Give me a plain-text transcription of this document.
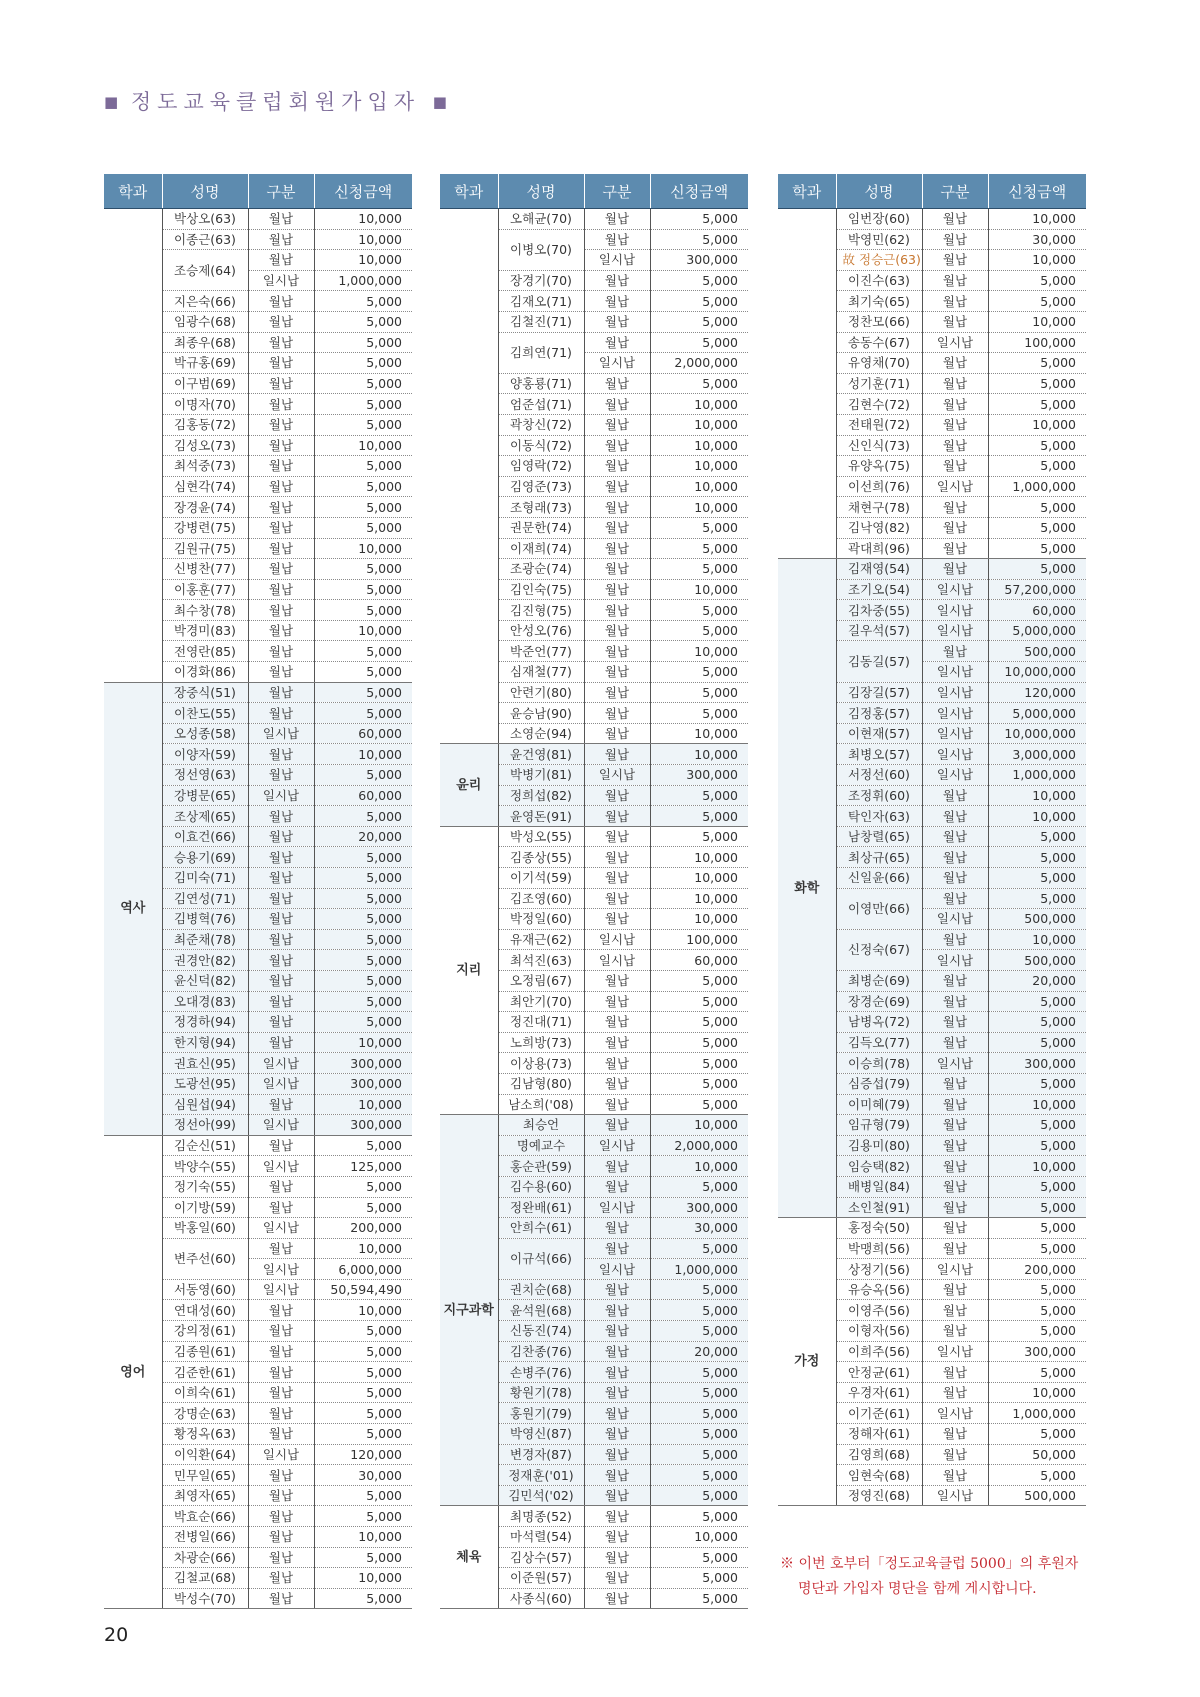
■ 정도교육클럽회원가입자 ■
학과	성명	구분	신청금액
	박상오(63)	월납	10,000
	이종근(63)	월납	10,000
	조승제(64)	월납	10,000
		일시납	1,000,000
	지은숙(66)	월납	5,000
	임광수(68)	월납	5,000
	최종우(68)	월납	5,000
	박규홍(69)	월납	5,000
	이구범(69)	월납	5,000
	이명자(70)	월납	5,000
	김홍동(72)	월납	5,000
	김성오(73)	월납	10,000
	최석중(73)	월납	5,000
	심현각(74)	월납	5,000
	장경윤(74)	월납	5,000
	강병련(75)	월납	5,000
	김원규(75)	월납	10,000
	신병찬(77)	월납	5,000
	이홍훈(77)	월납	5,000
	최수창(78)	월납	5,000
	박경미(83)	월납	10,000
	전영란(85)	월납	5,000
	이경화(86)	월납	5,000
역사	장중식(51)	월납	5,000
	이찬도(55)	월납	5,000
	오성종(58)	일시납	60,000
	이양자(59)	월납	10,000
	정선영(63)	월납	5,000
	강병문(65)	일시납	60,000
	조상제(65)	월납	5,000
	이효건(66)	월납	20,000
	승용기(69)	월납	5,000
	김미숙(71)	월납	5,000
	김연성(71)	월납	5,000
	김병혁(76)	월납	5,000
	최준채(78)	월납	5,000
	권경안(82)	월납	5,000
	윤신덕(82)	월납	5,000
	오대경(83)	월납	5,000
	정경하(94)	월납	5,000
	한지형(94)	월납	10,000
	권효신(95)	일시납	300,000
	도광선(95)	일시납	300,000
	심원섭(94)	월납	10,000
	정선아(99)	일시납	300,000
영어	김순신(51)	월납	5,000
	박양수(55)	일시납	125,000
	정기숙(55)	월납	5,000
	이기방(59)	월납	5,000
	박홍일(60)	일시납	200,000
	변주선(60)	월납	10,000
		일시납	6,000,000
	서동영(60)	일시납	50,594,490
	연대성(60)	월납	10,000
	강의정(61)	월납	5,000
	김종원(61)	월납	5,000
	김준한(61)	월납	5,000
	이희숙(61)	월납	5,000
	강명순(63)	월납	5,000
	황정옥(63)	월납	5,000
	이익환(64)	일시납	120,000
	민무일(65)	월납	30,000
	최영자(65)	월납	5,000
	박효순(66)	월납	5,000
	전병일(66)	월납	10,000
	차광순(66)	월납	5,000
	김철교(68)	월납	10,000
	박성수(70)	월납	5,000
학과	성명	구분	신청금액
	오해균(70)	월납	5,000
	이병오(70)	월납	5,000
		일시납	300,000
	장경기(70)	월납	5,000
	김재오(71)	월납	5,000
	김철진(71)	월납	5,000
	김희연(71)	월납	5,000
		일시납	2,000,000
	양홍룡(71)	월납	5,000
	엄준섭(71)	월납	10,000
	곽창신(72)	월납	10,000
	이동식(72)	월납	10,000
	임영락(72)	월납	10,000
	김영준(73)	월납	10,000
	조형래(73)	월납	10,000
	권문한(74)	월납	5,000
	이재희(74)	월납	5,000
	조광순(74)	월납	5,000
	김인숙(75)	월납	10,000
	김진형(75)	월납	5,000
	안성오(76)	월납	5,000
	박준언(77)	월납	10,000
	심재철(77)	월납	5,000
	안련기(80)	월납	5,000
	윤승남(90)	월납	5,000
	소영순(94)	월납	10,000
윤리	윤건영(81)	월납	10,000
	박병기(81)	일시납	300,000
	정희섭(82)	월납	5,000
	윤영돈(91)	월납	5,000
지리	박성오(55)	월납	5,000
	김종상(55)	월납	10,000
	이기석(59)	월납	10,000
	김조영(60)	월납	10,000
	박정일(60)	월납	10,000
	유재근(62)	일시납	100,000
	최석진(63)	일시납	60,000
	오정림(67)	월납	5,000
	최안기(70)	월납	5,000
	정진대(71)	월납	5,000
	노희방(73)	월납	5,000
	이상용(73)	월납	5,000
	김남형(80)	월납	5,000
	남소희('08)	월납	5,000
지구과학	최승언	월납	10,000
	명예교수	일시납	2,000,000
	홍순관(59)	월납	10,000
	김수용(60)	월납	5,000
	정완배(61)	일시납	300,000
	안희수(61)	월납	30,000
	이규석(66)	월납	5,000
		일시납	1,000,000
	권치순(68)	월납	5,000
	윤석원(68)	월납	5,000
	신동진(74)	월납	5,000
	김찬종(76)	월납	20,000
	손병주(76)	월납	5,000
	황원기(78)	월납	5,000
	홍원기(79)	월납	5,000
	박영신(87)	월납	5,000
	변경자(87)	월납	5,000
	정재훈('01)	월납	5,000
	김민석('02)	월납	5,000
체육	최명종(52)	월납	5,000
	마석렬(54)	월납	10,000
	김상수(57)	월납	5,000
	이준원(57)	월납	5,000
	사종식(60)	월납	5,000
학과	성명	구분	신청금액
	임번장(60)	월납	10,000
	박영민(62)	월납	30,000
	故 정승근(63)	월납	10,000
	이진수(63)	월납	5,000
	최기숙(65)	월납	5,000
	정찬모(66)	월납	10,000
	송동수(67)	일시납	100,000
	유영채(70)	월납	5,000
	성기훈(71)	월납	5,000
	김현수(72)	월납	5,000
	전태원(72)	월납	10,000
	신인식(73)	월납	5,000
	유양옥(75)	월납	5,000
	이선희(76)	일시납	1,000,000
	채현구(78)	월납	5,000
	김낙영(82)	월납	5,000
	곽대희(96)	월납	5,000
화학	김재영(54)	월납	5,000
	조기오(54)	일시납	57,200,000
	김차중(55)	일시납	60,000
	길우석(57)	일시납	5,000,000
	김동길(57)	월납	500,000
		일시납	10,000,000
	김장길(57)	일시납	120,000
	김정홍(57)	일시납	5,000,000
	이현재(57)	일시납	10,000,000
	최병오(57)	일시납	3,000,000
	서정선(60)	일시납	1,000,000
	조정휘(60)	월납	10,000
	탁인자(63)	월납	10,000
	남창렬(65)	월납	5,000
	최상규(65)	월납	5,000
	신일윤(66)	월납	5,000
	이영만(66)	월납	5,000
		일시납	500,000
	신정숙(67)	월납	10,000
		일시납	500,000
	최병순(69)	월납	20,000
	장경순(69)	월납	5,000
	남병옥(72)	월납	5,000
	김득오(77)	월납	5,000
	이승희(78)	일시납	300,000
	심증섭(79)	월납	5,000
	이미혜(79)	월납	10,000
	임규형(79)	월납	5,000
	김용미(80)	월납	5,000
	임승택(82)	월납	10,000
	배병일(84)	월납	5,000
	소인철(91)	월납	5,000
가정	홍정숙(50)	월납	5,000
	박맹희(56)	월납	5,000
	상정기(56)	일시납	200,000
	유승옥(56)	월납	5,000
	이영주(56)	월납	5,000
	이형자(56)	월납	5,000
	이희주(56)	일시납	300,000
	안정균(61)	월납	5,000
	우경자(61)	월납	10,000
	이기준(61)	일시납	1,000,000
	정해자(61)	월납	5,000
	김영희(68)	월납	50,000
	임현숙(68)	월납	5,000
	정영진(68)	일시납	500,000
※ 이번 호부터「정도교육클럽 5000」의 후원자
명단과 가입자 명단을 함께 게시합니다.
20
